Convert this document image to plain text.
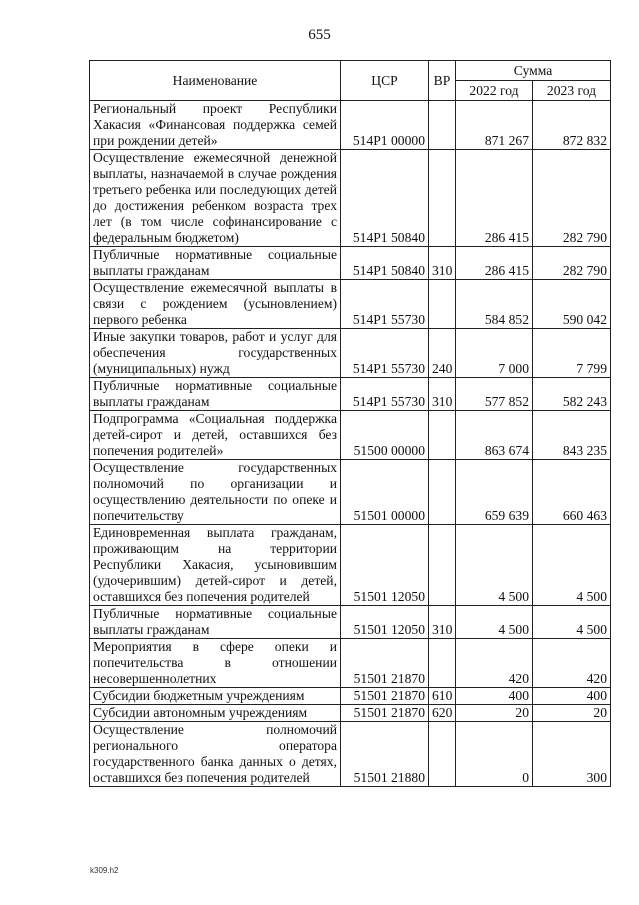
655
Наименование	ЦСР	ВР	Сумма	
			2022 год	2023 год
Региональный проект Республики Хакасия «Финансовая поддержка семей при рождении детей»	514P1 00000		871 267	872 832
Осуществление ежемесячной денежной выплаты, назначаемой в случае рождения третьего ребенка или последующих детей до достижения ребенком возраста трех лет (в том числе софинансирование с федеральным бюджетом)	514P1 50840		286 415	282 790
Публичные нормативные социальные выплаты гражданам	514P1 50840	310	286 415	282 790
Осуществление ежемесячной выплаты в связи с рождением (усыновлением) первого ребенка	514P1 55730		584 852	590 042
Иные закупки товаров, работ и услуг для обеспечения государственных (муниципальных) нужд	514P1 55730	240	7 000	7 799
Публичные нормативные социальные выплаты гражданам	514P1 55730	310	577 852	582 243
Подпрограмма «Социальная поддержка детей-сирот и детей, оставшихся без попечения родителей»	51500 00000		863 674	843 235
Осуществление государственных полномочий по организации и осуществлению деятельности по опеке и попечительству	51501 00000		659 639	660 463
Единовременная выплата гражданам, проживающим на территории Республики Хакасия, усыновившим (удочерившим) детей-сирот и детей, оставшихся без попечения родителей	51501 12050		4 500	4 500
Публичные нормативные социальные выплаты гражданам	51501 12050	310	4 500	4 500
Мероприятия в сфере опеки и попечительства в отношении несовершеннолетних	51501 21870		420	420
Субсидии бюджетным учреждениям	51501 21870	610	400	400
Субсидии автономным учреждениям	51501 21870	620	20	20
Осуществление полномочий регионального оператора государственного банка данных о детях, оставшихся без попечения родителей	51501 21880		0	300
k309.h2
